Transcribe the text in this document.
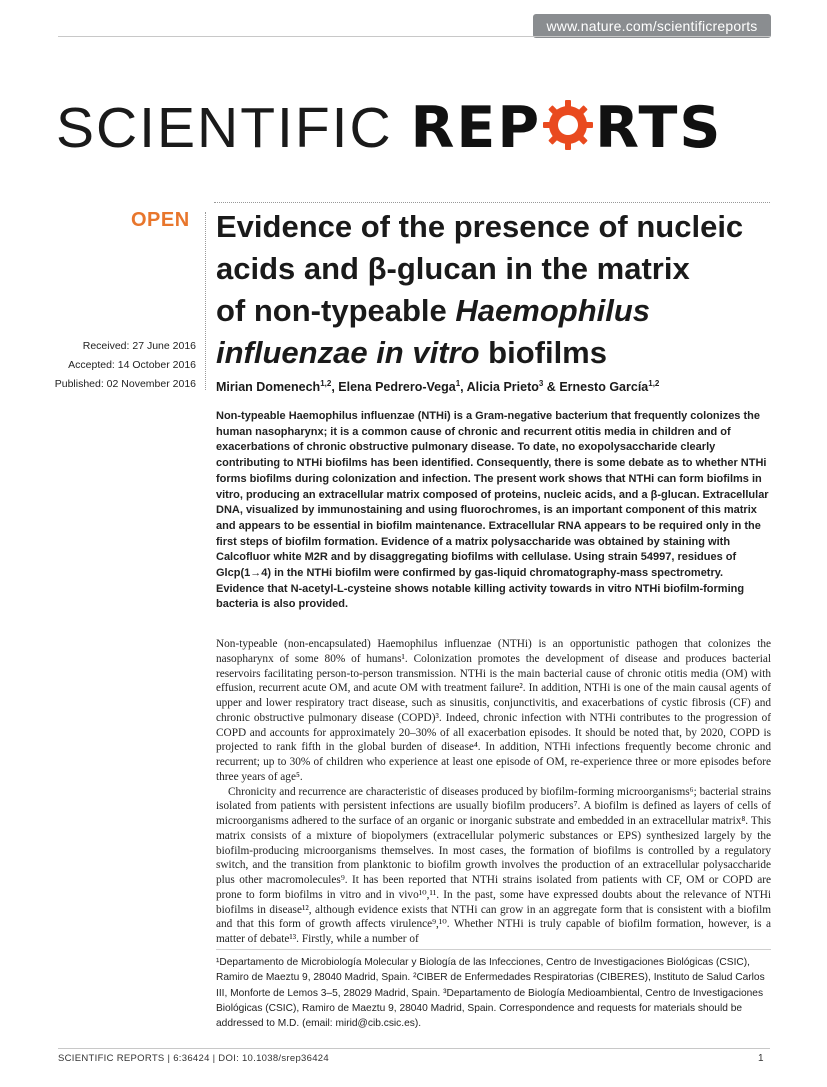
www.nature.com/scientificreports
SCIENTIFIC REP RTS
OPEN Evidence of the presence of nucleic
acids and β-glucan in the matrix
of non-typeable Haemophilus
influenzae in vitro biofilms
Received: 27 June 2016
Accepted: 14 October 2016
Published: 02 November 2016 Mirian Domenech$^{1,2}$, Elena Pedrero-Vega$^1$, Alicia Prieto$^3$ & Ernesto García$^{1,2}$
Non-typeable Haemophilus influenzae (NTHi) is a Gram-negative bacterium that frequently colonizes the human nasopharynx; it is a common cause of chronic and recurrent otitis media in children and of exacerbations of chronic obstructive pulmonary disease. To date, no exopolysaccharide clearly contributing to NTHi biofilms has been identified. Consequently, there is some debate as to whether NTHi forms biofilms during colonization and infection. The present work shows that NTHi can form biofilms in vitro, producing an extracellular matrix composed of proteins, nucleic acids, and a β-glucan. Extracellular DNA, visualized by immunostaining and using fluorochromes, is an important component of this matrix and appears to be essential in biofilm maintenance. Extracellular RNA appears to be required only in the first steps of biofilm formation. Evidence of a matrix polysaccharide was obtained by staining with Calcofluor white M2R and by disaggregating biofilms with cellulase. Using strain 54997, residues of Glcp(1→4) in the NTHi biofilm were confirmed by gas-liquid chromatography-mass spectrometry. Evidence that N-acetyl-L-cysteine shows notable killing activity towards in vitro NTHi biofilm-forming bacteria is also provided.

Non-typeable (non-encapsulated) Haemophilus influenzae (NTHi) is an opportunistic pathogen that colonizes the nasopharynx of some 80% of humans¹. Colonization promotes the development of disease and produces bacterial reservoirs facilitating person-to-person transmission. NTHi is the main bacterial cause of chronic otitis media (OM) with effusion, recurrent acute OM, and acute OM with treatment failure². In addition, NTHi is one of the main causal agents of upper and lower respiratory tract disease, such as sinusitis, conjunctivitis, and exacerbations of cystic fibrosis (CF) and chronic obstructive pulmonary disease (COPD)³. Indeed, chronic infection with NTHi contributes to the progression of COPD and accounts for approximately 20–30% of all exacerbation episodes. It should be noted that, by 2020, COPD is projected to rank fifth in the global burden of disease⁴. In addition, NTHi infections frequently become chronic and recurrent; up to 30% of children who experience at least one episode of OM, re-experience three or more episodes before three years of age⁵.

Chronicity and recurrence are characteristic of diseases produced by biofilm-forming microorganisms⁶; bacterial strains isolated from patients with persistent infections are usually biofilm producers⁷. A biofilm is defined as layers of cells of microorganisms adhered to the surface of an organic or inorganic substrate and embedded in an extracellular matrix⁸. This matrix consists of a mixture of biopolymers (extracellular polymeric substances or EPS) synthesized largely by the biofilm-producing microorganisms themselves. In most cases, the formation of biofilms is controlled by a regulatory switch, and the transition from planktonic to biofilm growth involves the production of an extracellular polysaccharide plus other macromolecules⁹. It has been reported that NTHi strains isolated from patients with CF, OM or COPD are prone to form biofilms in vitro and in vivo¹⁰,¹¹. In the past, some have expressed doubts about the relevance of NTHi biofilms in disease¹², although evidence exists that NTHi can grow in an aggregate form that is consistent with a biofilm and that this form of growth affects virulence⁹,¹⁰. Whether NTHi is truly capable of biofilm formation, however, is a matter of debate¹³. Firstly, while a number of

¹Departamento de Microbiología Molecular y Biología de las Infecciones, Centro de Investigaciones Biológicas (CSIC), Ramiro de Maeztu 9, 28040 Madrid, Spain. ²CIBER de Enfermedades Respiratorias (CIBERES), Instituto de Salud Carlos III, Monforte de Lemos 3–5, 28029 Madrid, Spain. ³Departamento de Biología Medioambiental, Centro de Investigaciones Biológicas (CSIC), Ramiro de Maeztu 9, 28040 Madrid, Spain. Correspondence and requests for materials should be addressed to M.D. (email: mirid@cib.csic.es).
SCIENTIFIC REPORTS | 6:36424 | DOI: 10.1038/srep36424	1
